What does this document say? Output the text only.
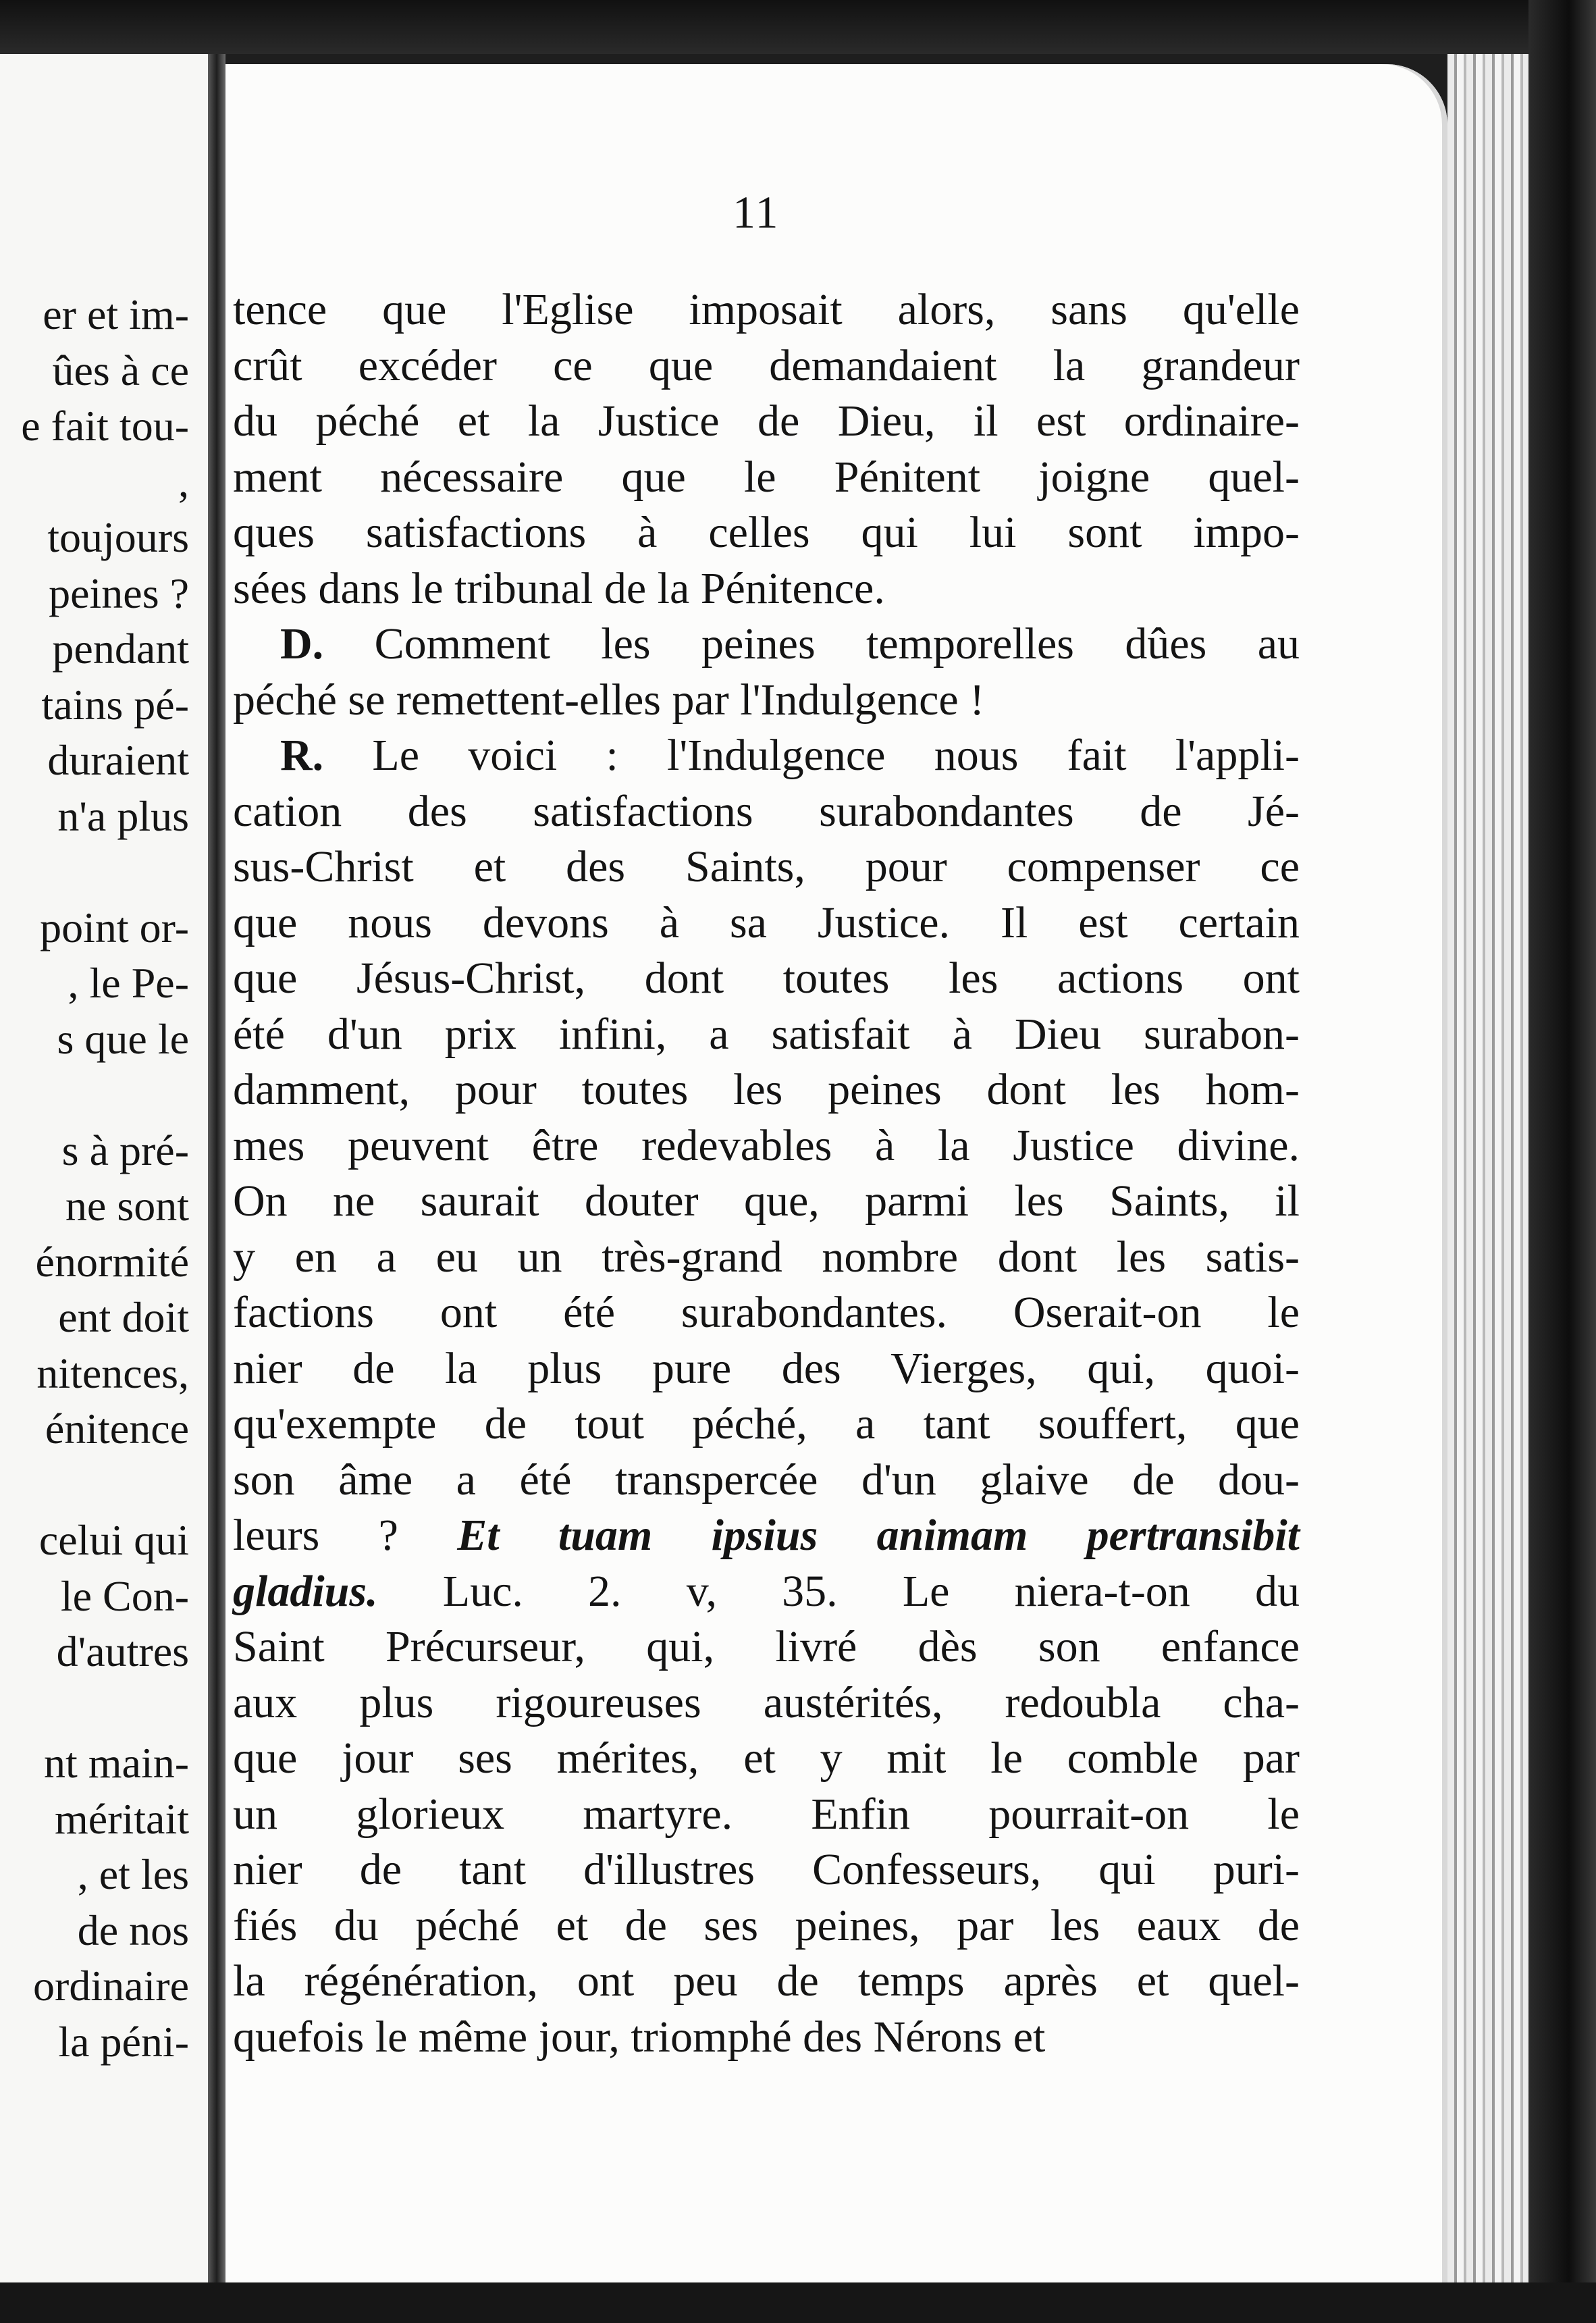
er et im-
ûes à ce
e fait tou-
,
toujours
peines ?
pendant
tains pé-
duraient
n'a plus
point or-
, le Pe-
s que le
s à pré-
ne sont
énormité
ent doit
nitences,
énitence
celui qui
le Con-
d'autres
nt main-
méritait
, et les
de nos
ordinaire
la péni-
11
tence que l'Eglise imposait alors, sans qu'elle
crût excéder ce que demandaient la grandeur
du péché et la Justice de Dieu, il est ordinaire-
ment nécessaire que le Pénitent joigne quel-
ques satisfactions à celles qui lui sont impo-
sées dans le tribunal de la Pénitence.
D. Comment les peines temporelles dûes au
péché se remettent-elles par l'Indulgence !
R. Le voici : l'Indulgence nous fait l'appli-
cation des satisfactions surabondantes de Jé-
sus-Christ et des Saints, pour compenser ce
que nous devons à sa Justice. Il est certain
que Jésus-Christ, dont toutes les actions ont
été d'un prix infini, a satisfait à Dieu surabon-
damment, pour toutes les peines dont les hom-
mes peuvent être redevables à la Justice divine.
On ne saurait douter que, parmi les Saints, il
y en a eu un très-grand nombre dont les satis-
factions ont été surabondantes. Oserait-on le
nier de la plus pure des Vierges, qui, quoi-
qu'exempte de tout péché, a tant souffert, que
son âme a été transpercée d'un glaive de dou-
leurs ? Et tuam ipsius animam pertransibit
gladius. Luc. 2. v, 35. Le niera-t-on du
Saint Précurseur, qui, livré dès son enfance
aux plus rigoureuses austérités, redoubla cha-
que jour ses mérites, et y mit le comble par
un glorieux martyre. Enfin pourrait-on le
nier de tant d'illustres Confesseurs, qui puri-
fiés du péché et de ses peines, par les eaux de
la régénération, ont peu de temps après et quel-
quefois le même jour, triomphé des Nérons et
